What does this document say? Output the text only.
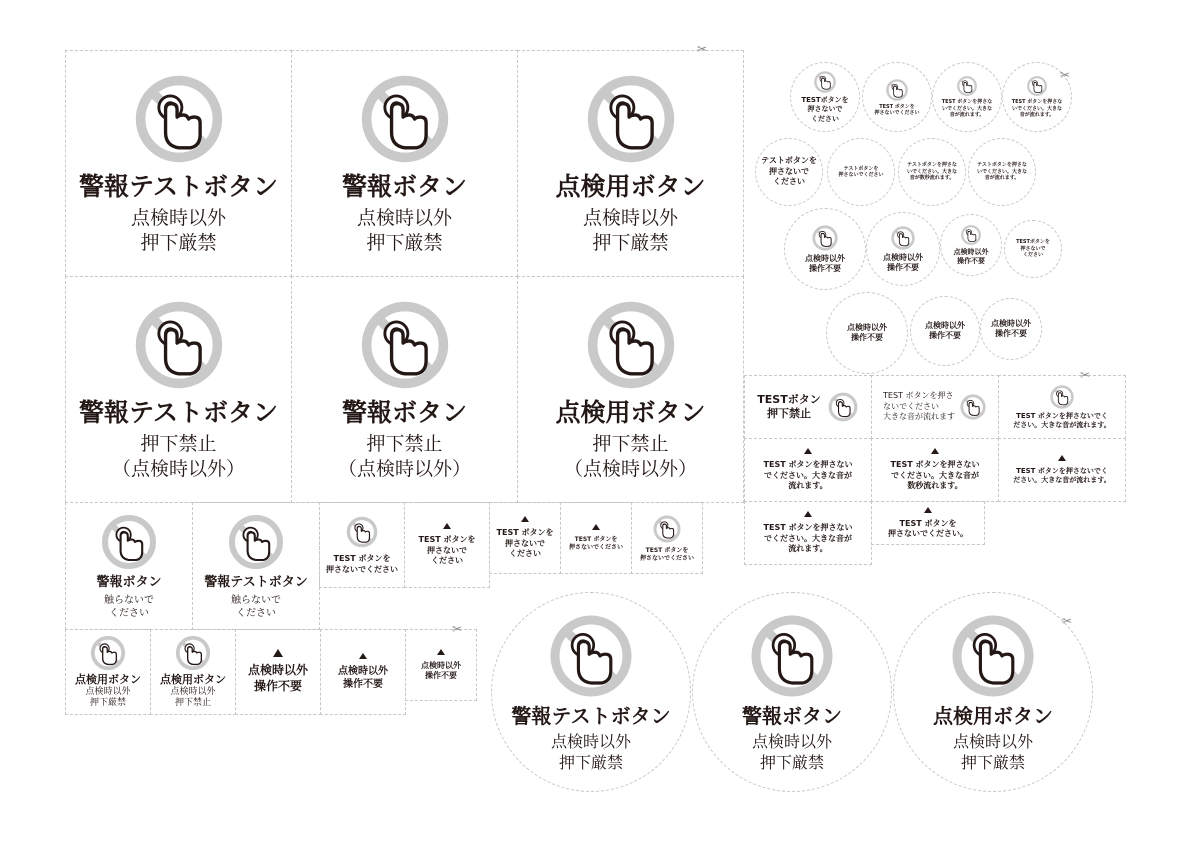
警報テストボタン
点検時以外
押下厳禁
警報ボタン
点検時以外
押下厳禁
点検用ボタン
点検時以外
押下厳禁
✂
警報テストボタン
押下禁止
（点検時以外）
警報ボタン
押下禁止
（点検時以外）
点検用ボタン
押下禁止
（点検時以外）
警報ボタン
触らないで
ください
警報テストボタン
触らないで
ください
TEST ボタンを
押さないでください
TEST ボタンを
押さないで
ください
TEST ボタンを
押さないで
ください
TEST ボタンを
押さないでください	TEST ボタンを
押さないでください
点検用ボタン
点検時以外
押下厳禁
点検用ボタン
点検時以外
押下禁止
点検時以外
操作不要
点検時以外
操作不要
点検時以外
操作不要
✂
警報テストボタン
点検時以外
押下厳禁
警報ボタン
点検時以外
押下厳禁
点検用ボタン
点検時以外
押下厳禁
✂
TESTボタンを
押さないで
ください
TEST ボタンを
押さないでください
TEST ボタンを押さな
いでください。大きな
音が流れます。
TEST ボタンを押さな
いでください。大きな
音が流れます。
✂
テストボタンを
押さないで
ください
テストボタンを
押さないでください
テストボタンを押さな
いでください。大きな
音が数秒流れます。
テストボタンを押さな
いでください。大きな
音が流れます。
点検時以外
操作不要
点検時以外
操作不要
点検時以外
操作不要
TESTボタンを
押さないで
ください
点検時以外
操作不要
点検時以外
操作不要
点検時以外
操作不要
TESTボタン
押下禁止
TEST ボタンを押さ
ないでください
大きな音が流れます	TEST ボタンを押さないでく
ださい。大きな音が流れます。
✂
TEST ボタンを押さない
でください。大きな音が
流れます。
TEST ボタンを押さない
でください。大きな音が
数秒流れます。
TEST ボタンを押さないでく
ださい。大きな音が流れます。
TEST ボタンを押さない
でください。大きな音が
流れます。
TEST ボタンを
押さないでください。
